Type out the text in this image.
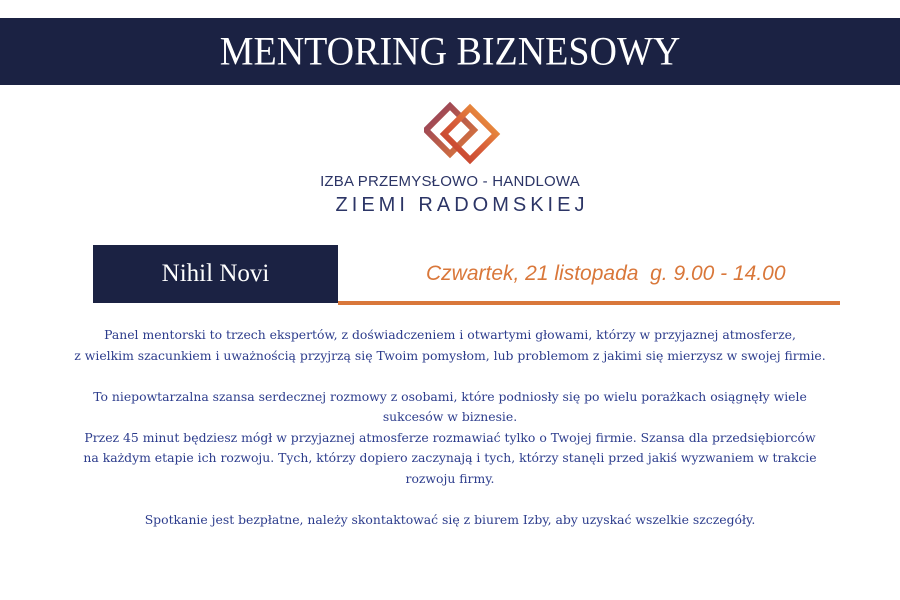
MENTORING BIZNESOWY
IZBA PRZEMYSŁOWO - HANDLOWA
ZIEMI RADOMSKIEJ
Nihil Novi	Czwartek, 21 listopada  g. 9.00 - 14.00

Panel mentorski to trzech ekspertów, z doświadczeniem i otwartymi głowami, którzy w przyjaznej atmosferze,

z wielkim szacunkiem i uważnością przyjrzą się Twoim pomysłom, lub problemom z jakimi się mierzysz w swojej firmie.

To niepowtarzalna szansa serdecznej rozmowy z osobami, które podniosły się po wielu porażkach osiągnęły wiele

sukcesów w biznesie.

Przez 45 minut będziesz mógł w przyjaznej atmosferze rozmawiać tylko o Twojej firmie. Szansa dla przedsiębiorców

na każdym etapie ich rozwoju. Tych, którzy dopiero zaczynają i tych, którzy stanęli przed jakiś wyzwaniem w trakcie

rozwoju firmy.

Spotkanie jest bezpłatne, należy skontaktować się z biurem Izby, aby uzyskać wszelkie szczegóły.
